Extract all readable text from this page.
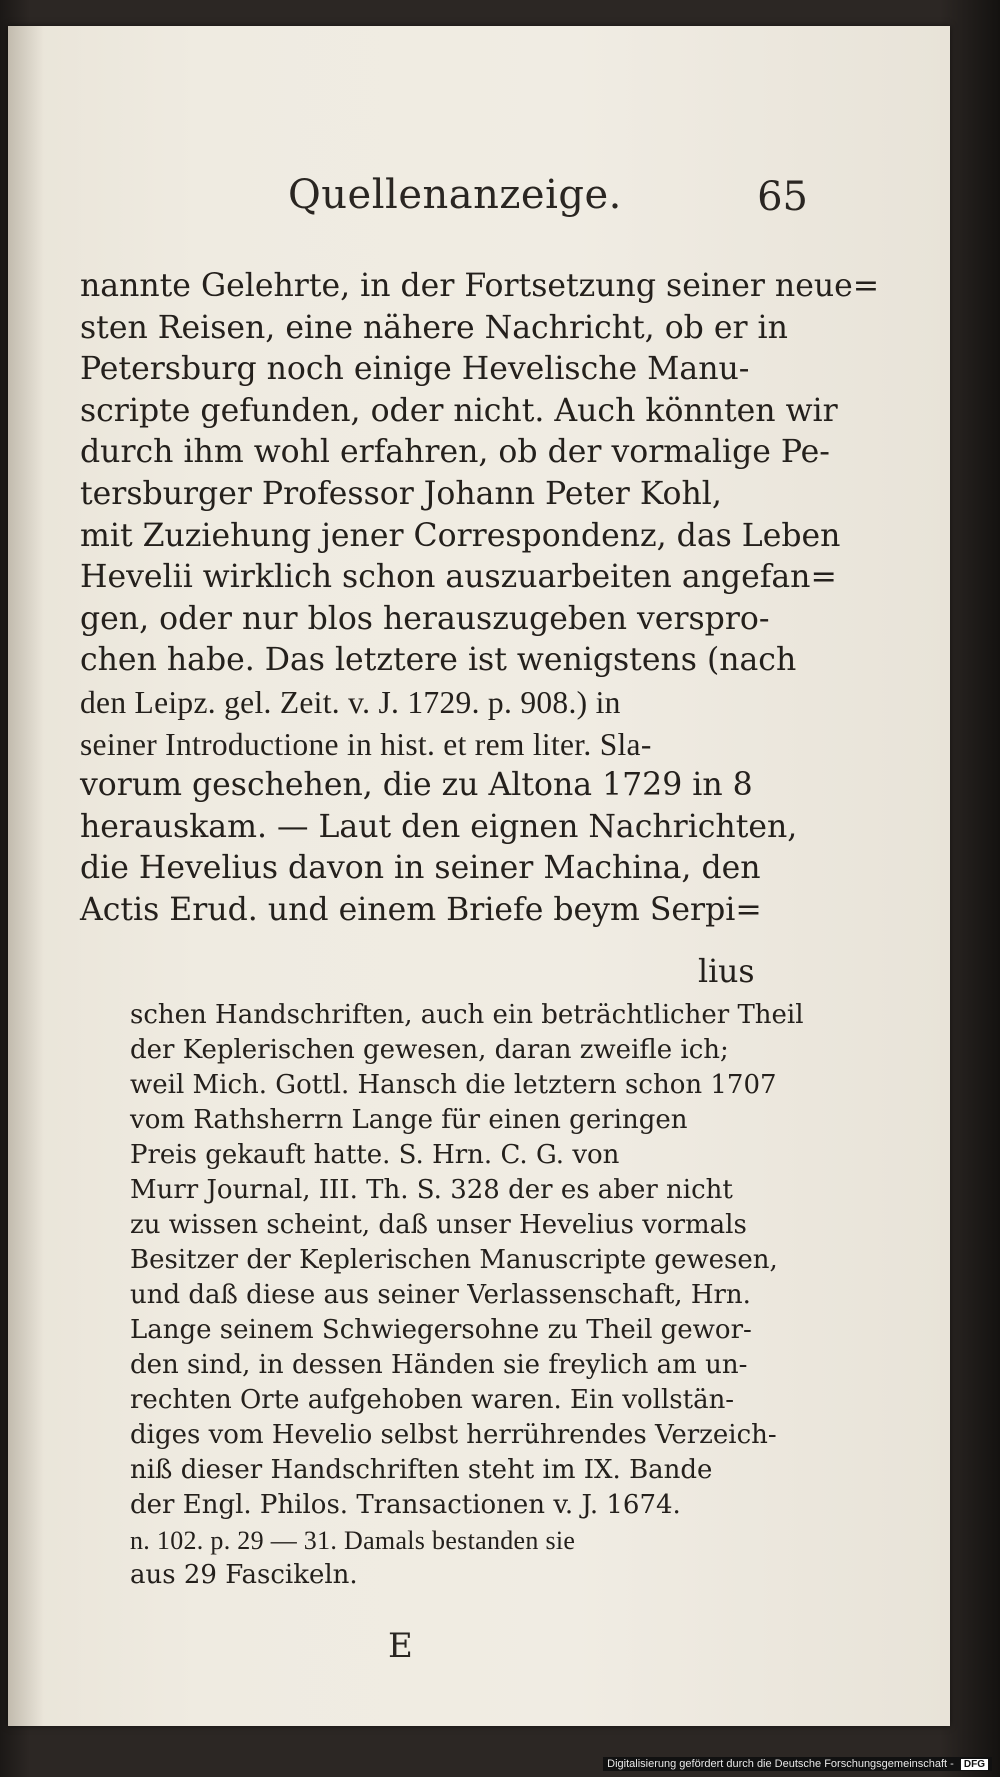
Quellenanzeige.	65

nannte Gelehrte, in der Fortsetzung seiner neue=
sten Reisen, eine nähere Nachricht, ob er in
Petersburg noch einige Hevelische Manu-
scripte gefunden, oder nicht. Auch könnten wir
durch ihm wohl erfahren, ob der vormalige Pe-
tersburger Professor Johann Peter Kohl,
mit Zuziehung jener Correspondenz, das Leben
Hevelii wirklich schon auszuarbeiten angefan=
gen, oder nur blos herauszugeben verspro-
chen habe. Das letztere ist wenigstens (nach
den Leipz. gel. Zeit. v. J. 1729. p. 908.) in
seiner Introductione in hist. et rem liter. Sla-
vorum geschehen, die zu Altona 1729 in 8
herauskam. — Laut den eignen Nachrichten,
die Hevelius davon in seiner Machina, den
Actis Erud. und einem Briefe beym Serpi=

lius

schen Handschriften, auch ein beträchtlicher Theil
der Keplerischen gewesen, daran zweifle ich;
weil Mich. Gottl. Hansch die letztern schon 1707
vom Rathsherrn Lange für einen geringen
Preis gekauft hatte. S. Hrn. C. G. von
Murr Journal, III. Th. S. 328 der es aber nicht
zu wissen scheint, daß unser Hevelius vormals
Besitzer der Keplerischen Manuscripte gewesen,
und daß diese aus seiner Verlassenschaft, Hrn.
Lange seinem Schwiegersohne zu Theil gewor-
den sind, in dessen Händen sie freylich am un-
rechten Orte aufgehoben waren. Ein vollstän-
diges vom Hevelio selbst herrührendes Verzeich-
niß dieser Handschriften steht im IX. Bande
der Engl. Philos. Transactionen v. J. 1674.
n. 102. p. 29 — 31. Damals bestanden sie
aus 29 Fascikeln.

E
Digitalisierung gefördert durch die Deutsche Forschungsgemeinschaft - DFG
